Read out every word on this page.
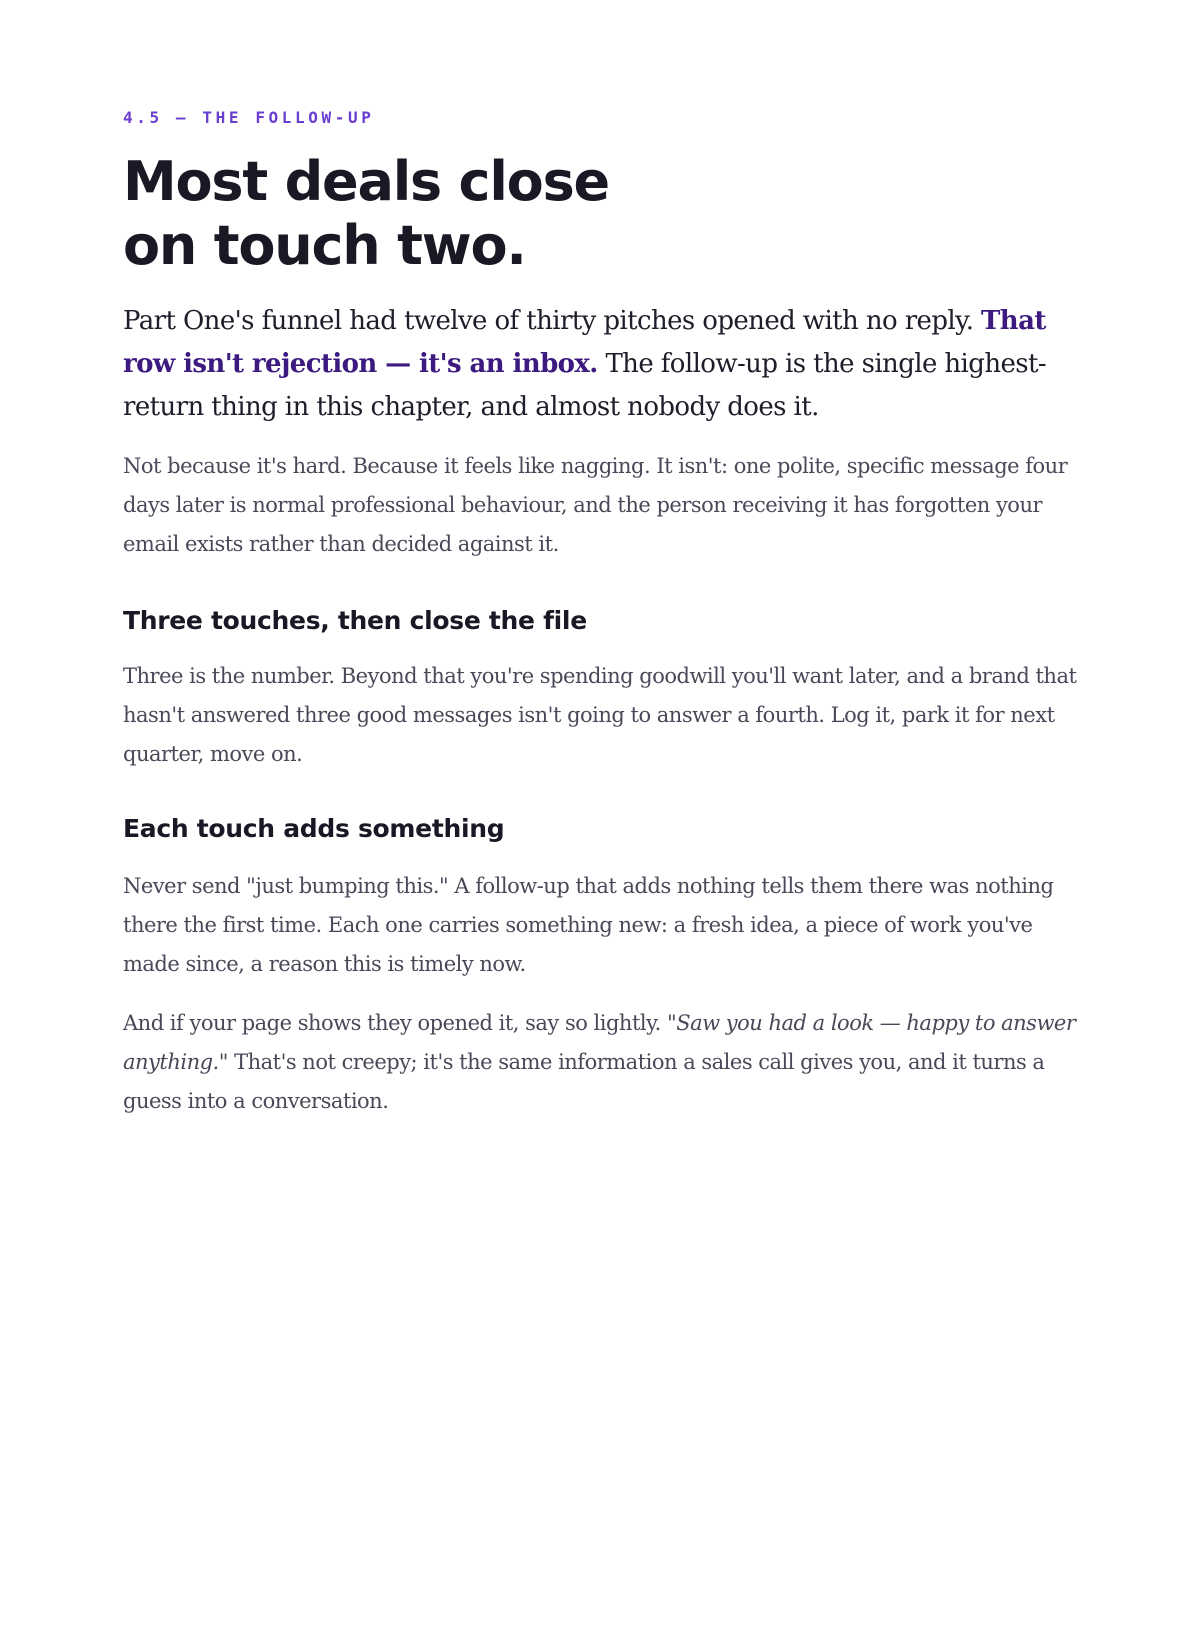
4.5 — THE FOLLOW-UP
Most deals close
on touch two.

Part One's funnel had twelve of thirty pitches opened with no reply. That row isn't rejection — it's an inbox. The follow-up is the single highest-return thing in this chapter, and almost nobody does it.

Not because it's hard. Because it feels like nagging. It isn't: one polite, specific message four days later is normal professional behaviour, and the person receiving it has forgotten your email exists rather than decided against it.

Three touches, then close the file

Three is the number. Beyond that you're spending goodwill you'll want later, and a brand that hasn't answered three good messages isn't going to answer a fourth. Log it, park it for next quarter, move on.

Each touch adds something

Never send "just bumping this." A follow-up that adds nothing tells them there was nothing there the first time. Each one carries something new: a fresh idea, a piece of work you've made since, a reason this is timely now.

And if your page shows they opened it, say so lightly. "Saw you had a look — happy to answer anything." That's not creepy; it's the same information a sales call gives you, and it turns a guess into a conversation.
